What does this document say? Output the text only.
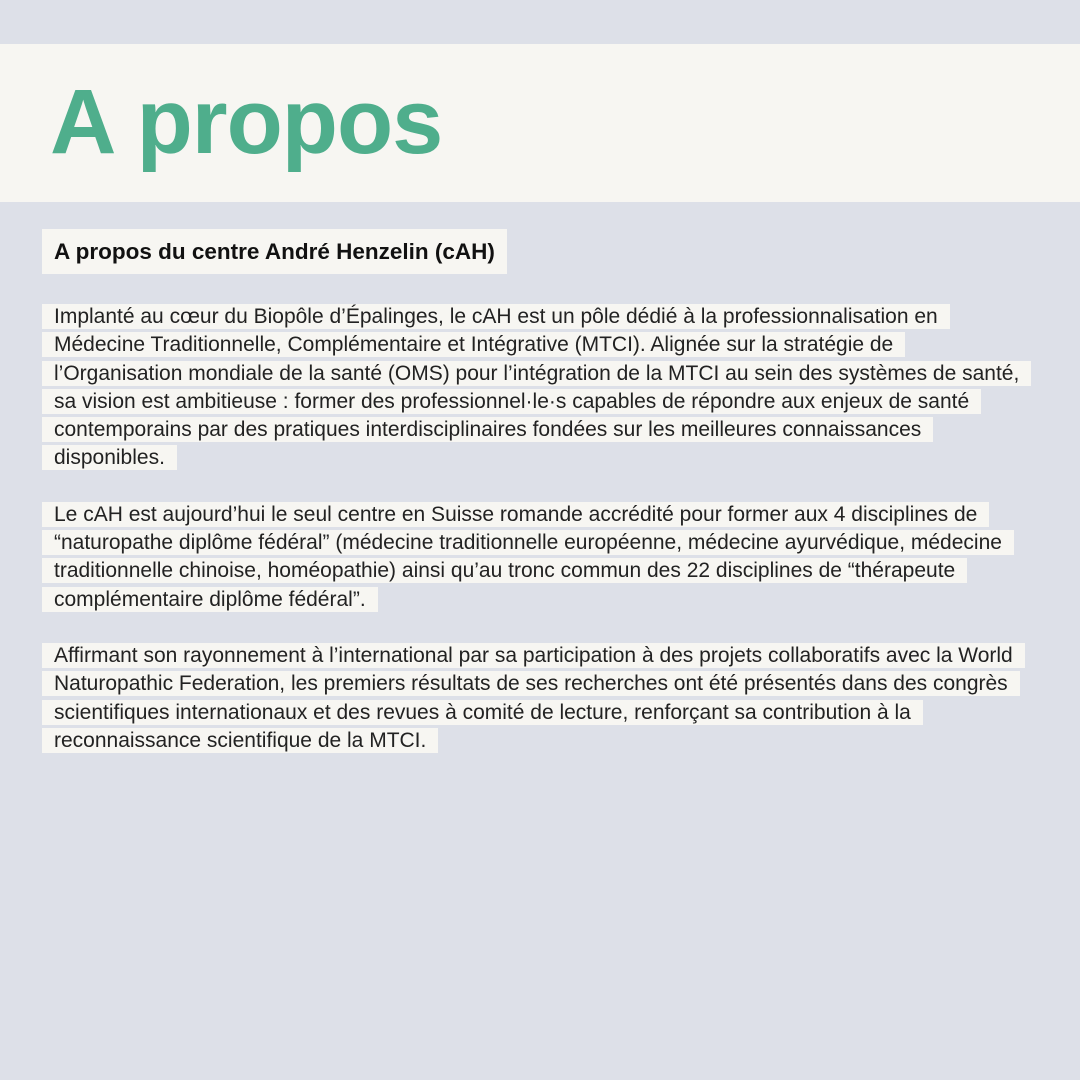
A propos
A propos du centre André Henzelin (cAH)

Implanté au cœur du Biopôle d’Épalinges, le cAH est un pôle dédié à la professionnalisation en Médecine Traditionnelle, Complémentaire et Intégrative (MTCI). Alignée sur la stratégie de l’Organisation mondiale de la santé (OMS) pour l’intégration de la MTCI au sein des systèmes de santé, sa vision est ambitieuse : former des professionnel·le·s capables de répondre aux enjeux de santé contemporains par des pratiques interdisciplinaires fondées sur les meilleures connaissances disponibles.

Le cAH est aujourd’hui le seul centre en Suisse romande accrédité pour former aux 4 disciplines de “naturopathe diplôme fédéral” (médecine traditionnelle européenne, médecine ayurvédique, médecine traditionnelle chinoise, homéopathie) ainsi qu’au tronc commun des 22 disciplines de “thérapeute complémentaire diplôme fédéral”.

Affirmant son rayonnement à l’international par sa participation à des projets collaboratifs avec la World Naturopathic Federation, les premiers résultats de ses recherches ont été présentés dans des congrès scientifiques internationaux et des revues à comité de lecture, renforçant sa contribution à la reconnaissance scientifique de la MTCI.
